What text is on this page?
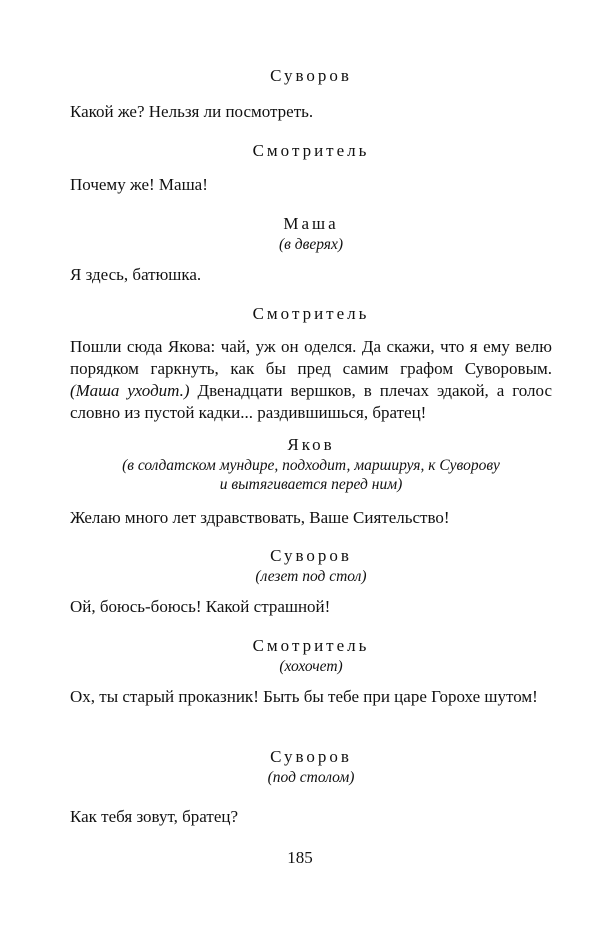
Суворов
Какой же? Нельзя ли посмотреть.
Смотритель
Почему же! Маша!
Маша
(в дверях)
Я здесь, батюшка.
Смотритель
Пошли сюда Якова: чай, уж он оделся. Да скажи, что я ему велю порядком гаркнуть, как бы пред самим графом Суворовым. (Маша уходит.) Двенадцати вершков, в плечах эдакой, а голос словно из пустой кадки... раздившишься, братец!
Яков
(в солдатском мундире, подходит, маршируя, к Суворову
и вытягивается перед ним)
Желаю много лет здравствовать, Ваше Сиятельство!
Суворов
(лезет под стол)
Ой, боюсь-боюсь! Какой страшной!
Смотритель
(хохочет)
Ох, ты старый проказник! Быть бы тебе при царе Горохе шутом!
Суворов
(под столом)
Как тебя зовут, братец?
185
